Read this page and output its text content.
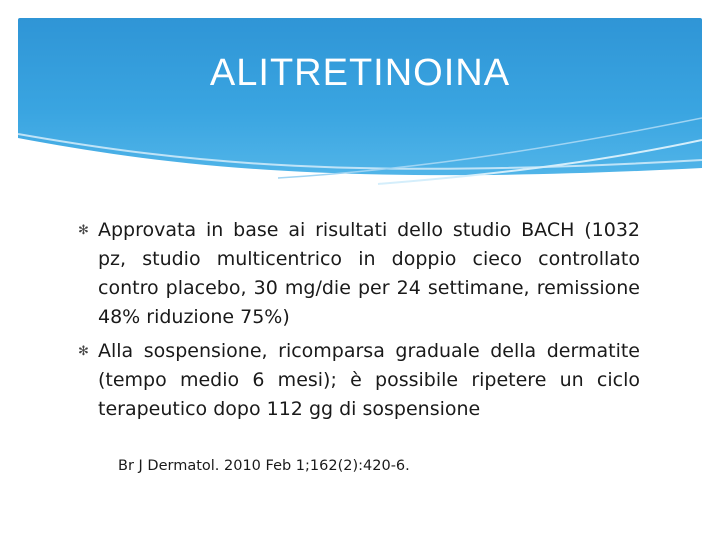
ALITRETINOINA
✻ Approvata in base ai risultati dello studio BACH (1032 pz, studio multicentrico in doppio cieco controllato contro placebo, 30 mg/die per 24 settimane, remissione 48% riduzione 75%)
✻ Alla sospensione, ricomparsa graduale della dermatite (tempo medio 6 mesi); è possibile ripetere un ciclo terapeutico dopo 112 gg di sospensione
Br J Dermatol. 2010 Feb 1;162(2):420-6.
